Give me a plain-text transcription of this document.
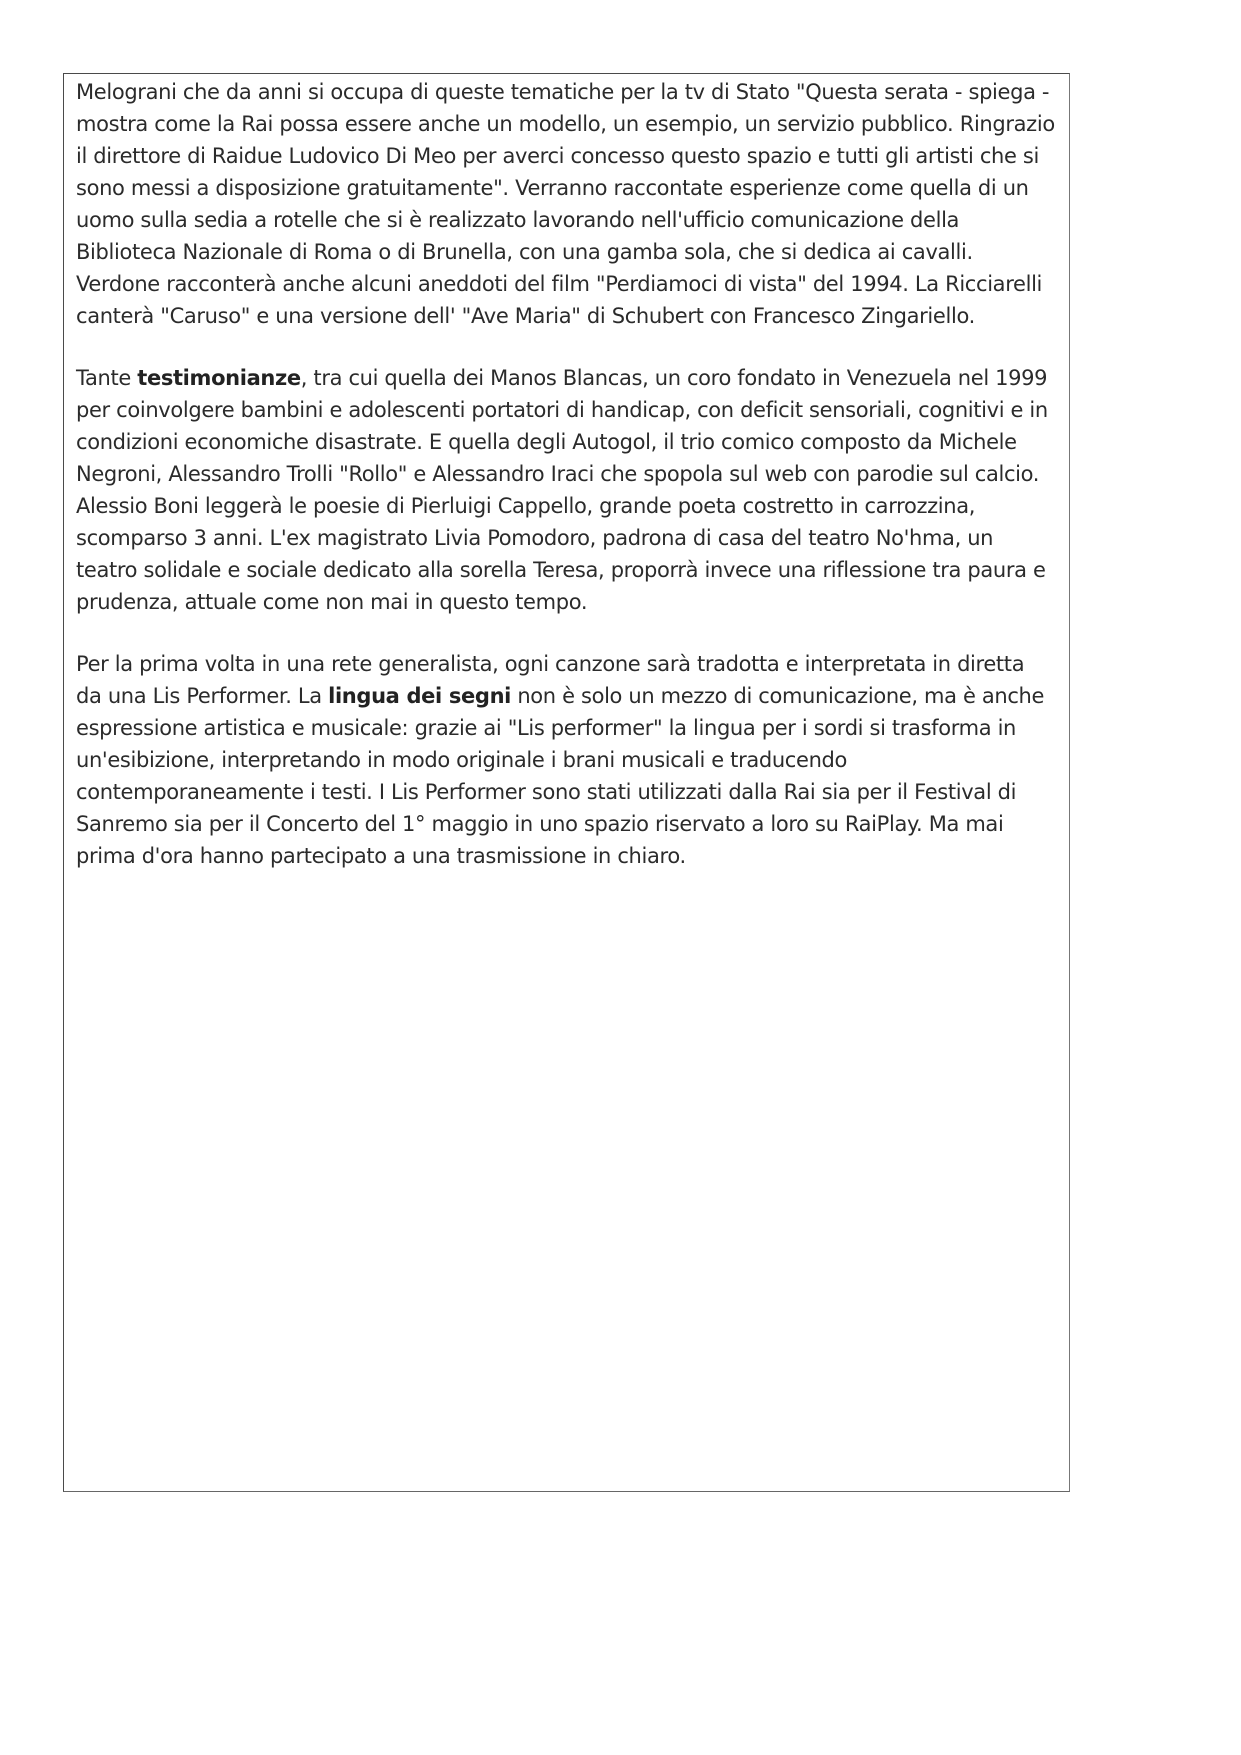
Melograni che da anni si occupa di queste tematiche per la tv di Stato "Questa serata - spiega - mostra come la Rai possa essere anche un modello, un esempio, un servizio pubblico. Ringrazio il direttore di Raidue Ludovico Di Meo per averci concesso questo spazio e tutti gli artisti che si sono messi a disposizione gratuitamente". Verranno raccontate esperienze come quella di un uomo sulla sedia a rotelle che si è realizzato lavorando nell'ufficio comunicazione della Biblioteca Nazionale di Roma o di Brunella, con una gamba sola, che si dedica ai cavalli. Verdone racconterà anche alcuni aneddoti del film "Perdiamoci di vista" del 1994. La Ricciarelli canterà "Caruso" e una versione dell' "Ave Maria" di Schubert con Francesco Zingariello.

Tante testimonianze, tra cui quella dei Manos Blancas, un coro fondato in Venezuela nel 1999 per coinvolgere bambini e adolescenti portatori di handicap, con deficit sensoriali, cognitivi e in condizioni economiche disastrate. E quella degli Autogol, il trio comico composto da Michele Negroni, Alessandro Trolli "Rollo" e Alessandro Iraci che spopola sul web con parodie sul calcio. Alessio Boni leggerà le poesie di Pierluigi Cappello, grande poeta costretto in carrozzina, scomparso 3 anni. L'ex magistrato Livia Pomodoro, padrona di casa del teatro No'hma, un teatro solidale e sociale dedicato alla sorella Teresa, proporrà invece una riflessione tra paura e prudenza, attuale come non mai in questo tempo.

Per la prima volta in una rete generalista, ogni canzone sarà tradotta e interpretata in diretta da una Lis Performer. La lingua dei segni non è solo un mezzo di comunicazione, ma è anche espressione artistica e musicale: grazie ai "Lis performer" la lingua per i sordi si trasforma in un'esibizione, interpretando in modo originale i brani musicali e traducendo contemporaneamente i testi. I Lis Performer sono stati utilizzati dalla Rai sia per il Festival di Sanremo sia per il Concerto del 1° maggio in uno spazio riservato a loro su RaiPlay. Ma mai prima d'ora hanno partecipato a una trasmissione in chiaro.
